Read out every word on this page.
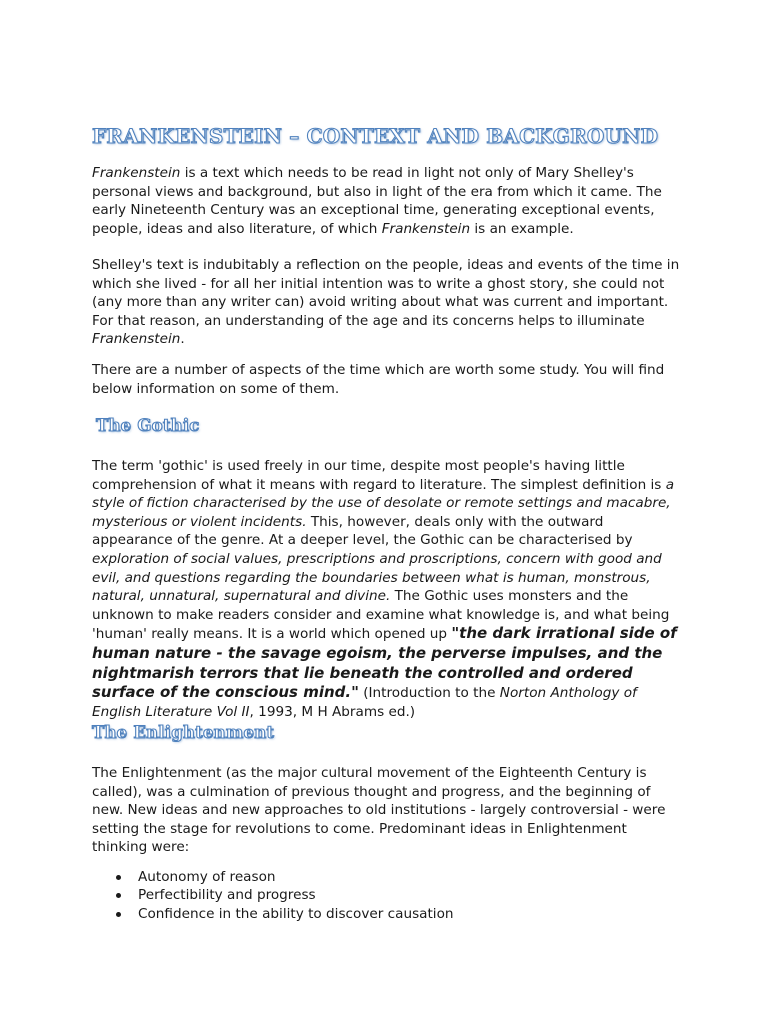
FRANKENSTEIN – CONTEXT AND BACKGROUND

Frankenstein is a text which needs to be read in light not only of Mary Shelley's personal views and background, but also in light of the era from which it came. The early Nineteenth Century was an exceptional time, generating exceptional events, people, ideas and also literature, of which Frankenstein is an example.

Shelley's text is indubitably a reflection on the people, ideas and events of the time in which she lived - for all her initial intention was to write a ghost story, she could not (any more than any writer can) avoid writing about what was current and important. For that reason, an understanding of the age and its concerns helps to illuminate Frankenstein.

There are a number of aspects of the time which are worth some study. You will find below information on some of them.

The Gothic

The term 'gothic' is used freely in our time, despite most people's having little comprehension of what it means with regard to literature. The simplest definition is a style of fiction characterised by the use of desolate or remote settings and macabre, mysterious or violent incidents. This, however, deals only with the outward appearance of the genre. At a deeper level, the Gothic can be characterised by exploration of social values, prescriptions and proscriptions, concern with good and evil, and questions regarding the boundaries between what is human, monstrous, natural, unnatural, supernatural and divine. The Gothic uses monsters and the unknown to make readers consider and examine what knowledge is, and what being 'human' really means. It is a world which opened up "the dark irrational side of human nature - the savage egoism, the perverse impulses, and the nightmarish terrors that lie beneath the controlled and ordered surface of the conscious mind." (Introduction to the Norton Anthology of English Literature Vol II, 1993, M H Abrams ed.)

The Enlightenment

The Enlightenment (as the major cultural movement of the Eighteenth Century is called), was a culmination of previous thought and progress, and the beginning of new. New ideas and new approaches to old institutions - largely controversial - were setting the stage for revolutions to come. Predominant ideas in Enlightenment thinking were:

Autonomy of reason
Perfectibility and progress
Confidence in the ability to discover causation
